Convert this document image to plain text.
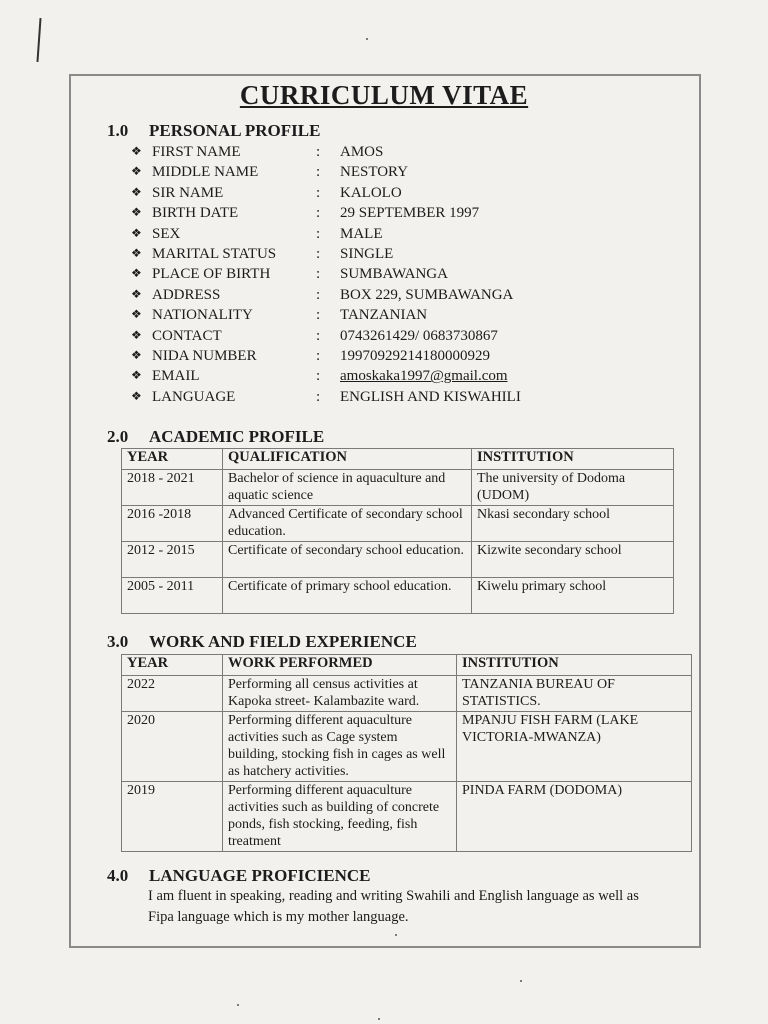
CURRICULUM VITAE
1.0 PERSONAL PROFILE
❖ FIRST NAME	: AMOS
❖ MIDDLE NAME	: NESTORY
❖ SIR NAME	: KALOLO
❖ BIRTH DATE	: 29 SEPTEMBER 1997
❖ SEX	: MALE
❖ MARITAL STATUS	: SINGLE
❖ PLACE OF BIRTH	: SUMBAWANGA
❖ ADDRESS	: BOX 229, SUMBAWANGA
❖ NATIONALITY	: TANZANIAN
❖ CONTACT	: 0743261429/ 0683730867
❖ NIDA NUMBER	: 19970929214180000929
❖ EMAIL	: amoskaka1997@gmail.com
❖ LANGUAGE	: ENGLISH AND KISWAHILI
2.0 ACADEMIC PROFILE
YEAR	QUALIFICATION	INSTITUTION
2018 - 2021	Bachelor of science in aquaculture and aquatic science	The university of Dodoma (UDOM)
2016 -2018	Advanced Certificate of secondary school education.	Nkasi secondary school
2012 - 2015	Certificate of secondary school education.	Kizwite secondary school
2005 - 2011	Certificate of primary school education.	Kiwelu primary school
3.0 WORK AND FIELD EXPERIENCE
YEAR	WORK PERFORMED	INSTITUTION
2022	Performing all census activities at Kapoka street- Kalambazite ward.	TANZANIA BUREAU OF STATISTICS.
2020	Performing different aquaculture activities such as Cage system building, stocking fish in cages as well as hatchery activities.	MPANJU FISH FARM (LAKE VICTORIA-MWANZA)
2019	Performing different aquaculture activities such as building of concrete ponds, fish stocking, feeding, fish treatment	PINDA FARM (DODOMA)
4.0 LANGUAGE PROFICIENCE
I am fluent in speaking, reading and writing Swahili and English language as well as Fipa language which is my mother language.
